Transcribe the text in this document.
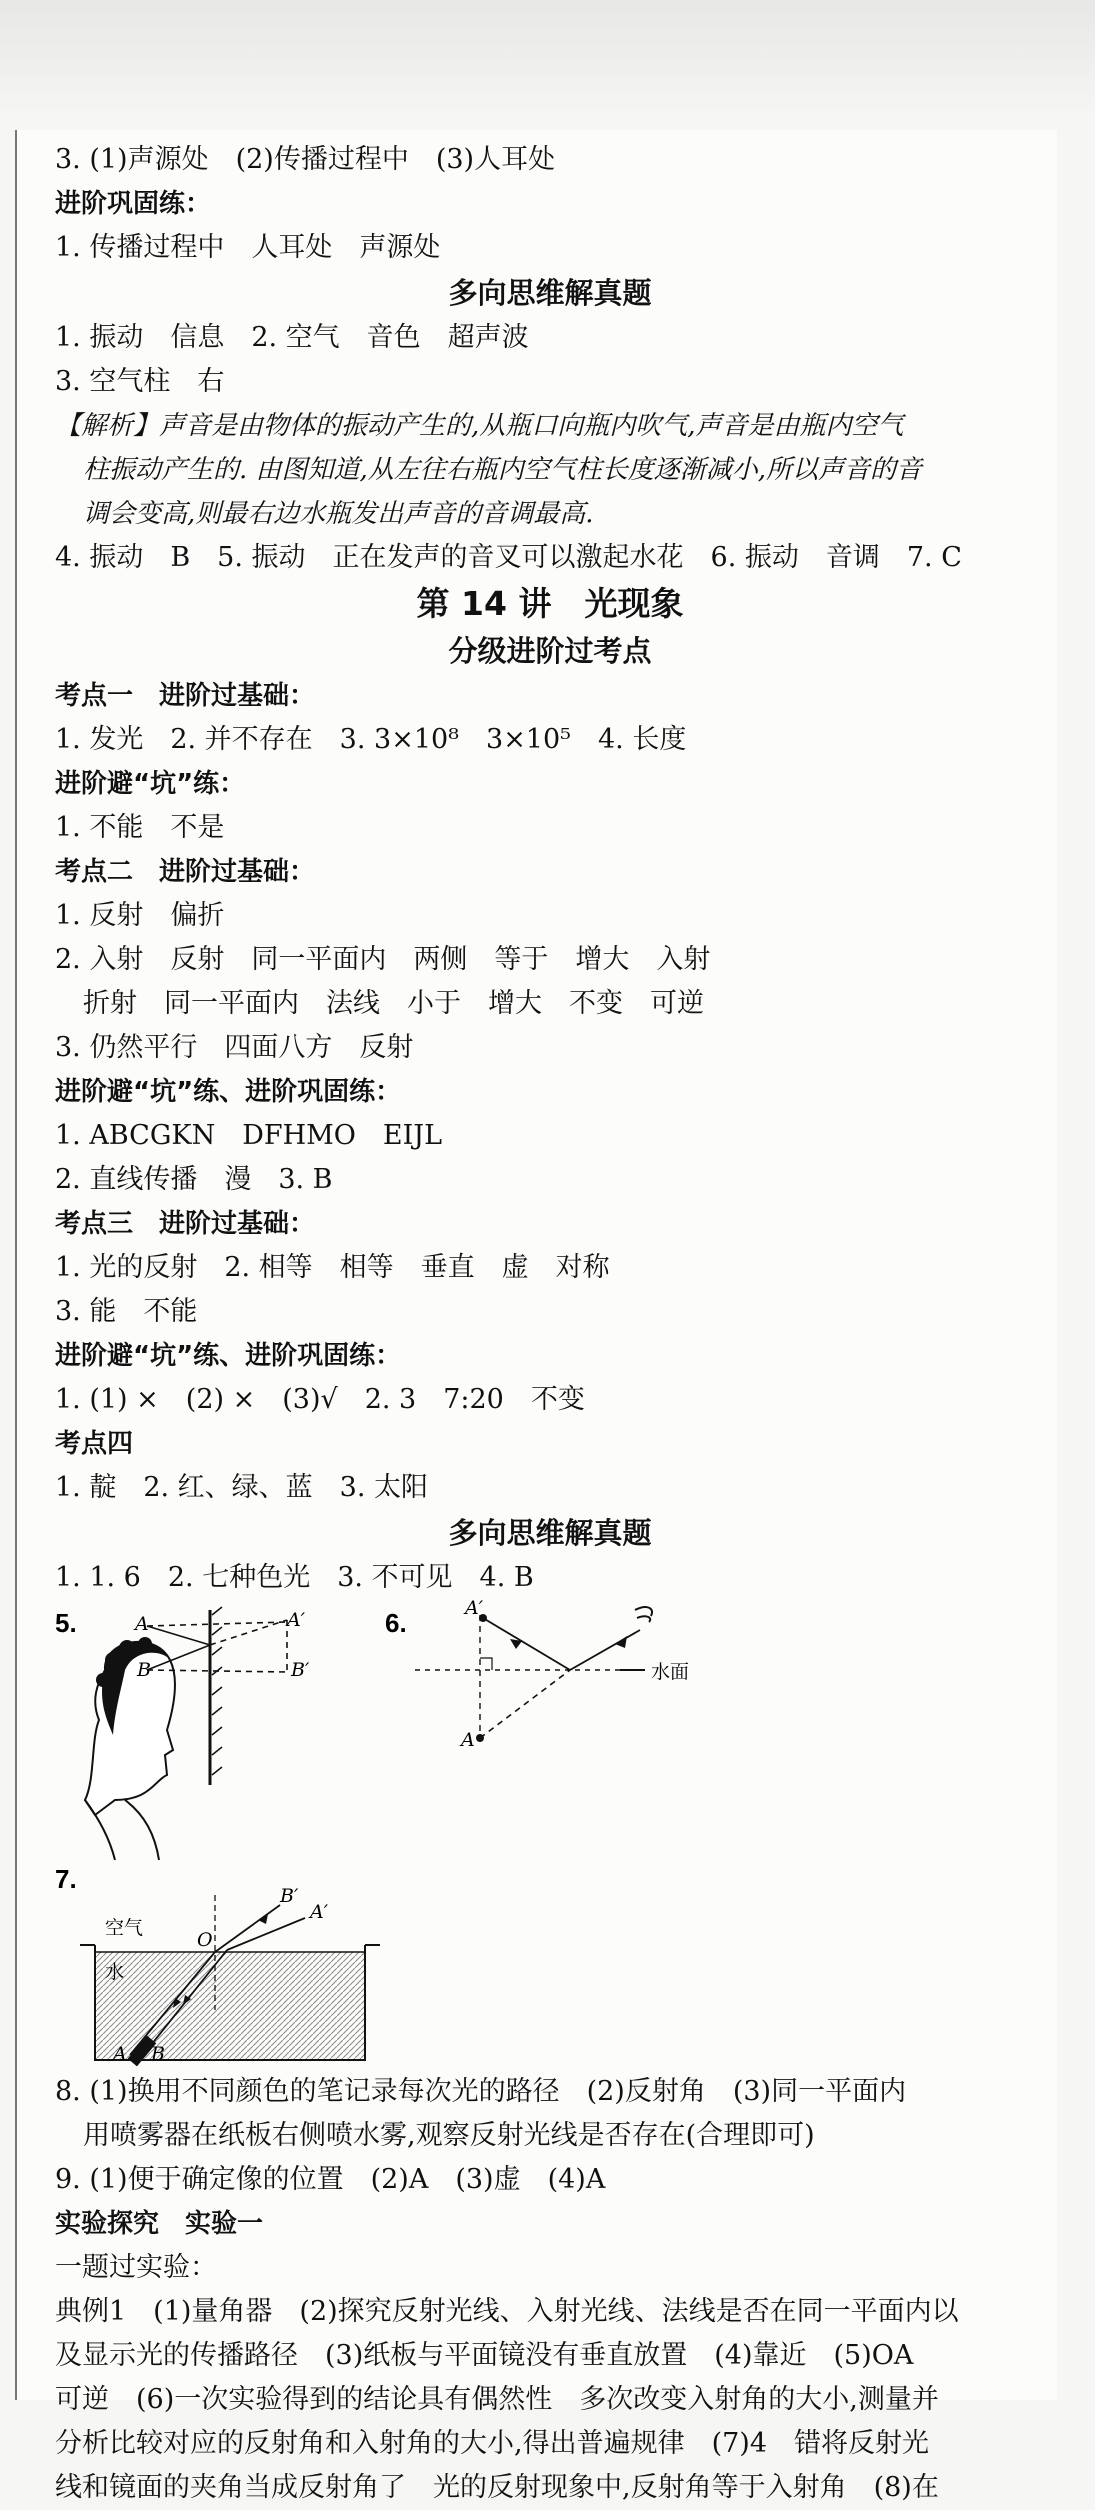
3. (1)声源处　(2)传播过程中　(3)人耳处
进阶巩固练：
1. 传播过程中　人耳处　声源处
多向思维解真题
1. 振动　信息　2. 空气　音色　超声波
3. 空气柱　右
【解析】声音是由物体的振动产生的,从瓶口向瓶内吹气,声音是由瓶内空气
柱振动产生的. 由图知道,从左往右瓶内空气柱长度逐渐减小,所以声音的音
调会变高,则最右边水瓶发出声音的音调最高.
4. 振动　B　5. 振动　正在发声的音叉可以激起水花　6. 振动　音调　7. C
第 14 讲　光现象
分级进阶过考点
考点一　进阶过基础：
1. 发光　2. 并不存在　3. 3×10⁸　3×10⁵　4. 长度
进阶避“坑”练：
1. 不能　不是
考点二　进阶过基础：
1. 反射　偏折
2. 入射　反射　同一平面内　两侧　等于　增大　入射
折射　同一平面内　法线　小于　增大　不变　可逆
3. 仍然平行　四面八方　反射
进阶避“坑”练、进阶巩固练：
1. ABCGKN　DFHMO　EIJL
2. 直线传播　漫　3. B
考点三　进阶过基础：
1. 光的反射　2. 相等　相等　垂直　虚　对称
3. 能　不能
进阶避“坑”练、进阶巩固练：
1. (1) ×　(2) ×　(3)√　2. 3　7:20　不变
考点四
1. 靛　2. 红、绿、蓝　3. 太阳
多向思维解真题
1. 1. 6　2. 七种色光　3. 不可见　4. B
5.	A	A′
B	B′
6.	A′
A
水面
7.
空气
水
O
B′
A′
A B
8. (1)换用不同颜色的笔记录每次光的路径　(2)反射角　(3)同一平面内
用喷雾器在纸板右侧喷水雾,观察反射光线是否存在(合理即可)
9. (1)便于确定像的位置　(2)A　(3)虚　(4)A
实验探究　实验一
一题过实验：
典例1　(1)量角器　(2)探究反射光线、入射光线、法线是否在同一平面内以
及显示光的传播路径　(3)纸板与平面镜没有垂直放置　(4)靠近　(5)OA
可逆　(6)一次实验得到的结论具有偶然性　多次改变入射角的大小,测量并
分析比较对应的反射角和入射角的大小,得出普遍规律　(7)4　错将反射光
线和镜面的夹角当成反射角了　光的反射现象中,反射角等于入射角　(8)在
